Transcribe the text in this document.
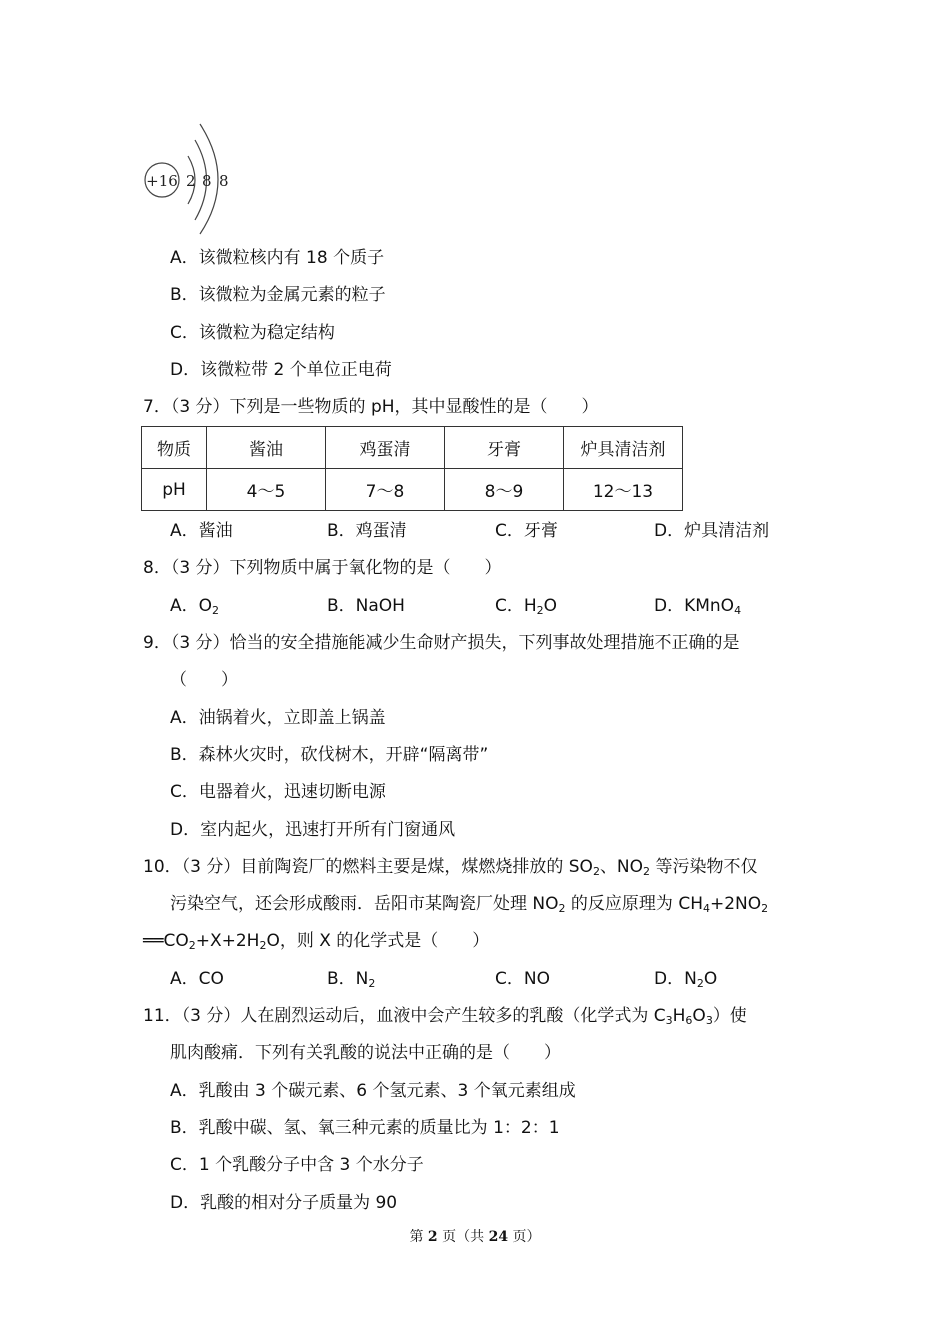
+16 2 8 8
A．该微粒核内有 18 个质子
B．该微粒为金属元素的粒子
C．该微粒为稳定结构
D．该微粒带 2 个单位正电荷
7．（3 分）下列是一些物质的 pH，其中显酸性的是（　　）
物质	酱油	鸡蛋清	牙膏	炉具清洁剂
pH	4～5	7～8	8～9	12～13
A．酱油	B．鸡蛋清	C．牙膏	D．炉具清洁剂
8．（3 分）下列物质中属于氧化物的是（　　）
A．$O_2$	B．NaOH	C．$H_2O$	D．KMnO$_4$
9．（3 分）恰当的安全措施能减少生命财产损失，下列事故处理措施不正确的是
（　　）
A．油锅着火，立即盖上锅盖
B．森林火灾时，砍伐树木，开辟“隔离带”
C．电器着火，迅速切断电源
D．室内起火，迅速打开所有门窗通风
10．（3 分）目前陶瓷厂的燃料主要是煤，煤燃烧排放的 $SO_2$、$NO_2$ 等污染物不仅
污染空气，还会形成酸雨．岳阳市某陶瓷厂处理 $NO_2$ 的反应原理为 $CH_4+2NO_2$
$══CO_2+X+2H_2O$，则 X 的化学式是（　　）
A．CO	B．$N_2$	C．NO	D．$N_2O$
11．（3 分）人在剧烈运动后，血液中会产生较多的乳酸（化学式为 $C_3H_6O_3$）使
肌肉酸痛．下列有关乳酸的说法中正确的是（　　）
A．乳酸由 3 个碳元素、6 个氢元素、3 个氧元素组成
B．乳酸中碳、氢、氧三种元素的质量比为 1：2：1
C．1 个乳酸分子中含 3 个水分子
D．乳酸的相对分子质量为 90
第 2 页（共 24 页）
